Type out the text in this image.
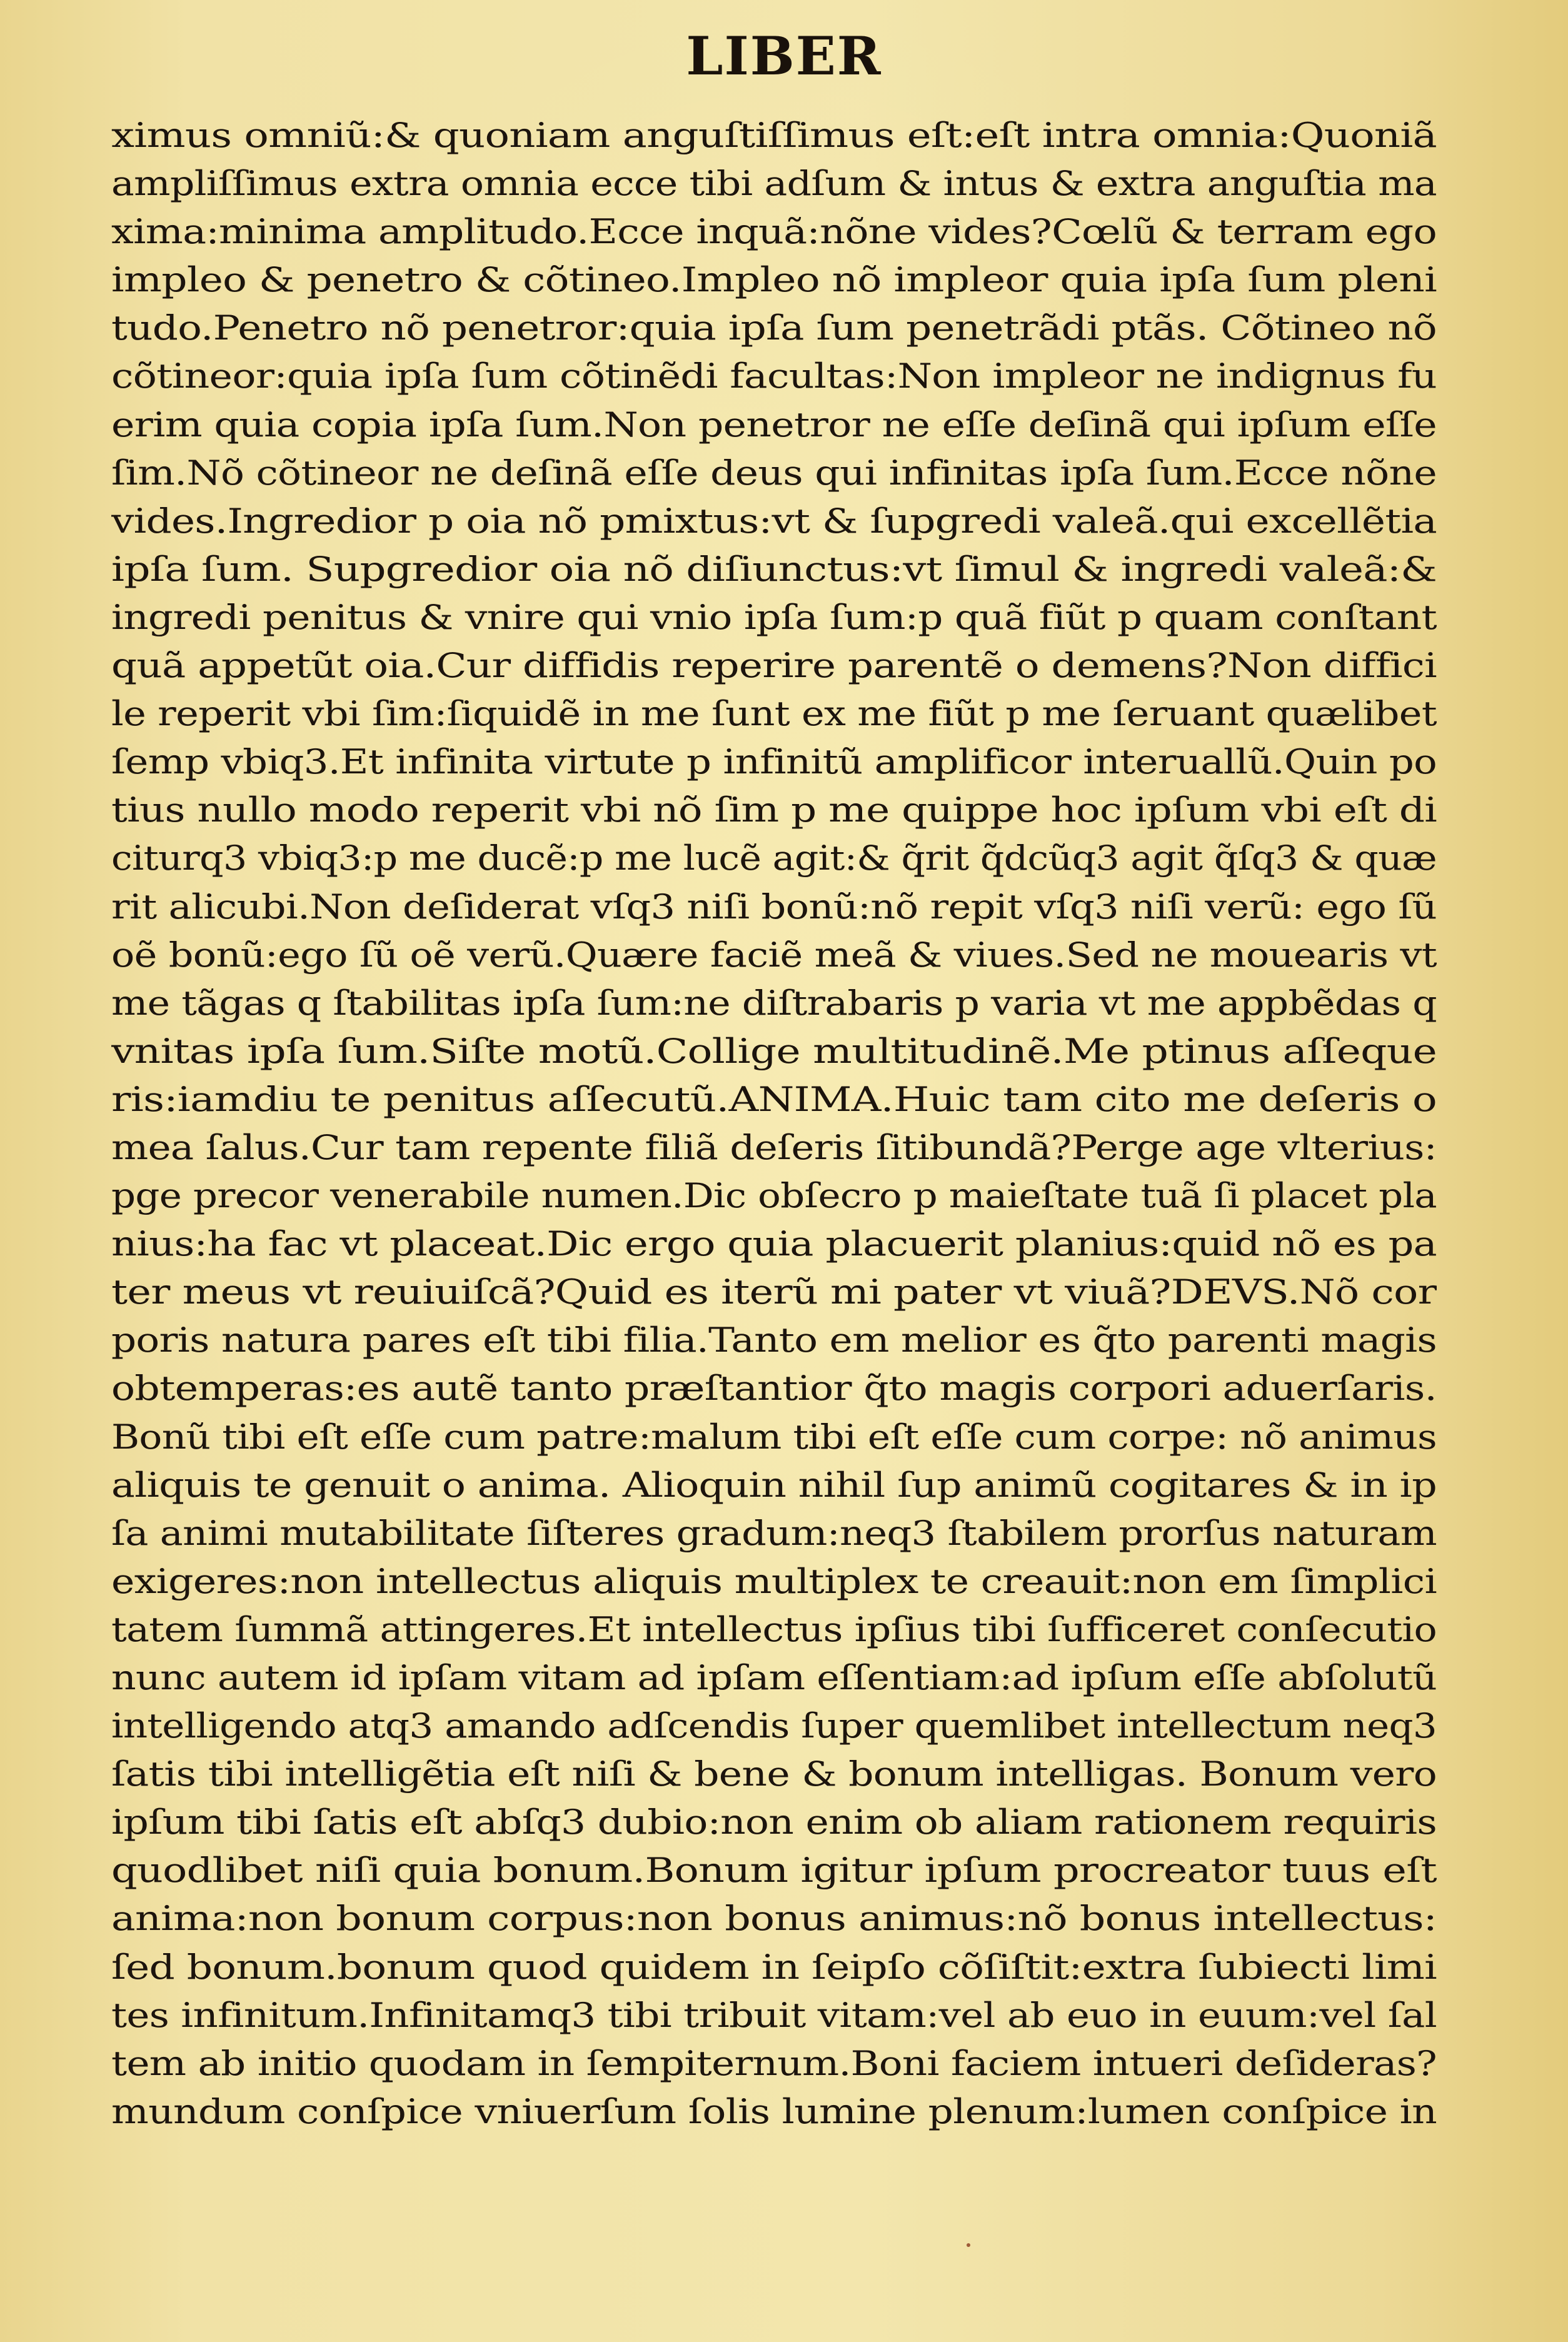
LIBER
ximus omniũ:& quoniam anguſtiſſimus eſt:eſt intra omnia:Quoniã
ampliſſimus extra omnia ecce tibi adſum & intus & extra anguſtia ma
xima:minima amplitudo.Ecce inquã:nõne vides?Cœlũ & terram ego
impleo & penetro & cõtineo.Impleo nõ impleor quia ipſa ſum pleni
tudo.Penetro nõ penetror:quia ipſa ſum penetrãdi ptãs. Cõtineo nõ
cõtineor:quia ipſa ſum cõtinẽdi facultas:Non impleor ne indignus fu
erim quia copia ipſa ſum.Non penetror ne eſſe deſinã qui ipſum eſſe
ſim.Nõ cõtineor ne deſinã eſſe deus qui infinitas ipſa ſum.Ecce nõne
vides.Ingredior p oia nõ pmixtus:vt & ſupgredi valeã.qui excellẽtia
ipſa ſum. Supgredior oia nõ diſiunctus:vt ſimul & ingredi valeã:&
ingredi penitus & vnire qui vnio ipſa ſum:p quã fiũt p quam conſtant
quã appetũt oia.Cur diffidis reperire parentẽ o demens?Non diffici
le reperit vbi ſim:ſiquidẽ in me ſunt ex me fiũt p me ſeruant quælibet
ſemp vbiq3.Et infinita virtute p infinitũ amplificor interuallũ.Quin po
tius nullo modo reperit vbi nõ ſim p me quippe hoc ipſum vbi eſt di
citurq3 vbiq3:p me ducẽ:p me lucẽ agit:& q̃rit q̃dcũq3 agit q̃ſq3 & quæ
rit alicubi.Non deſiderat vſq3 niſi bonũ:nõ repit vſq3 niſi verũ: ego ſũ
oẽ bonũ:ego ſũ oẽ verũ.Quære faciẽ meã & viues.Sed ne mouearis vt
me tãgas q ſtabilitas ipſa ſum:ne diſtrabaris p varia vt me appbẽdas q
vnitas ipſa ſum.Siſte motũ.Collige multitudinẽ.Me ptinus aſſeque
ris:iamdiu te penitus aſſecutũ.ANIMA.Huic tam cito me deſeris o
mea ſalus.Cur tam repente filiã deſeris ſitibundã?Perge age vlterius:
pge precor venerabile numen.Dic obſecro p maieſtate tuã ſi placet pla
nius:ha fac vt placeat.Dic ergo quia placuerit planius:quid nõ es pa
ter meus vt reuiuiſcã?Quid es iterũ mi pater vt viuã?DEVS.Nõ cor
poris natura pares eſt tibi filia.Tanto em melior es q̃to parenti magis
obtemperas:es autẽ tanto præſtantior q̃to magis corpori aduerſaris.
Bonũ tibi eſt eſſe cum patre:malum tibi eſt eſſe cum corpe: nõ animus
aliquis te genuit o anima. Alioquin nihil ſup animũ cogitares & in ip
ſa animi mutabilitate ſiſteres gradum:neq3 ſtabilem prorſus naturam
exigeres:non intellectus aliquis multiplex te creauit:non em ſimplici
tatem ſummã attingeres.Et intellectus ipſius tibi ſufficeret conſecutio
nunc autem id ipſam vitam ad ipſam eſſentiam:ad ipſum eſſe abſolutũ
intelligendo atq3 amando adſcendis ſuper quemlibet intellectum neq3
ſatis tibi intelligẽtia eſt niſi & bene & bonum intelligas. Bonum vero
ipſum tibi ſatis eſt abſq3 dubio:non enim ob aliam rationem requiris
quodlibet niſi quia bonum.Bonum igitur ipſum procreator tuus eſt
anima:non bonum corpus:non bonus animus:nõ bonus intellectus:
ſed bonum.bonum quod quidem in ſeipſo cõſiſtit:extra ſubiecti limi
tes infinitum.Infinitamq3 tibi tribuit vitam:vel ab euo in euum:vel ſal
tem ab initio quodam in ſempiternum.Boni faciem intueri deſideras?
mundum conſpice vniuerſum ſolis lumine plenum:lumen conſpice in
